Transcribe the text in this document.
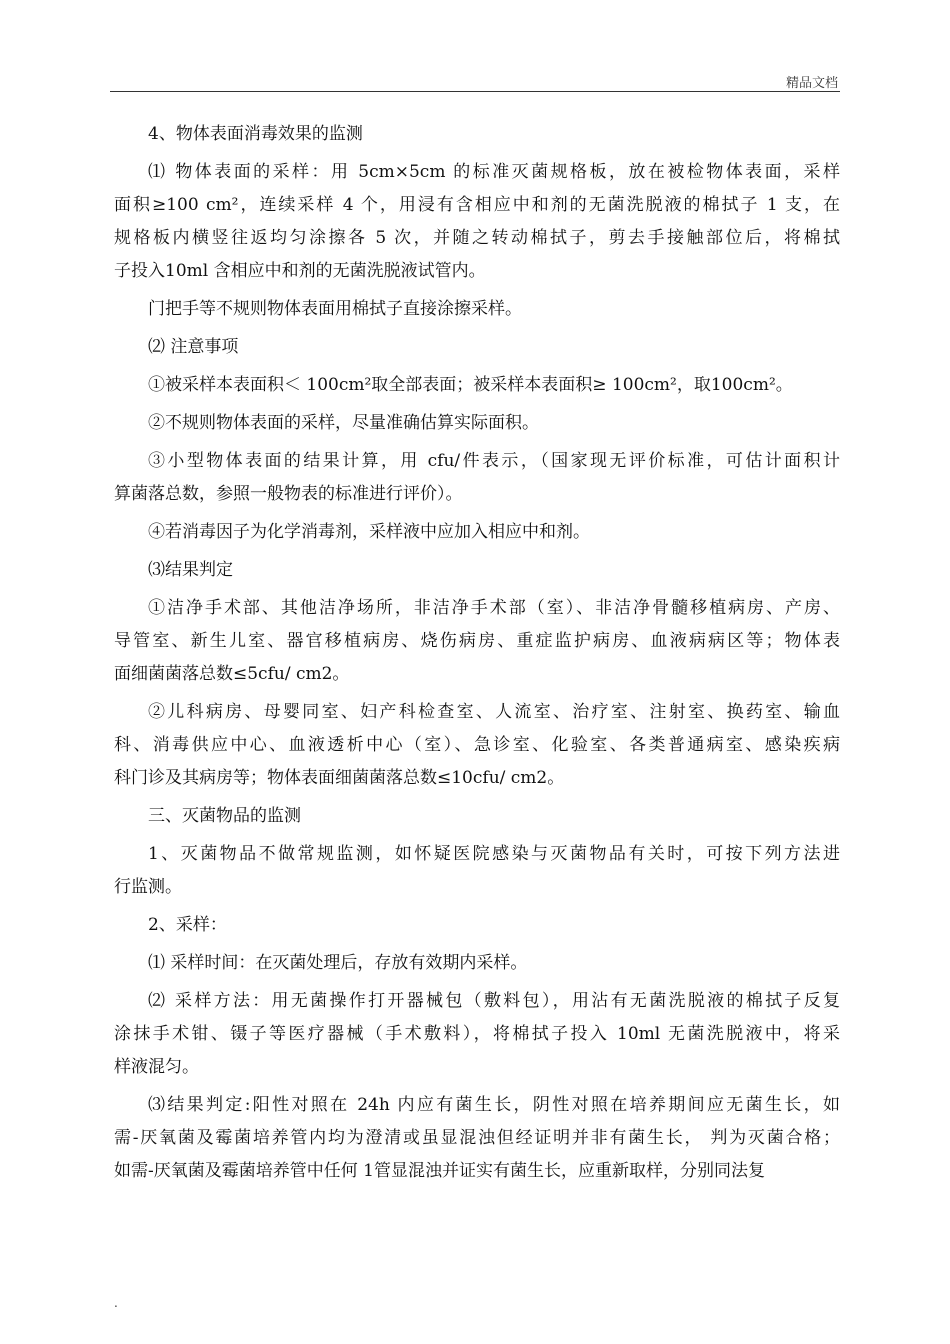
精品文档
4、物体表面消毒效果的监测
⑴ 物体表面的采样：用 5cm×5cm 的标准灭菌规格板，放在被检物体表面，采样
面积≥100 cm²，连续采样 4 个，用浸有含相应中和剂的无菌洗脱液的棉拭子 1 支，在
规格板内横竖往返均匀涂擦各 5 次，并随之转动棉拭子，剪去手接触部位后，将棉拭
子投入10ml 含相应中和剂的无菌洗脱液试管内。
门把手等不规则物体表面用棉拭子直接涂擦采样。
⑵ 注意事项
①被采样本表面积＜ 100cm²取全部表面；被采样本表面积≥ 100cm²，取100cm²。
②不规则物体表面的采样，尽量准确估算实际面积。
③小型物体表面的结果计算，用 cfu/件表示，（国家现无评价标准，可估计面积计
算菌落总数，参照一般物表的标准进行评价）。
④若消毒因子为化学消毒剂，采样液中应加入相应中和剂。
⑶结果判定
①洁净手术部、其他洁净场所，非洁净手术部（室）、非洁净骨髓移植病房、产房、
导管室、新生儿室、器官移植病房、烧伤病房、重症监护病房、血液病病区等；物体表
面细菌菌落总数≤5cfu/ cm2。
②儿科病房、母婴同室、妇产科检查室、人流室、治疗室、注射室、换药室、输血
科、消毒供应中心、血液透析中心（室）、急诊室、化验室、各类普通病室、感染疾病
科门诊及其病房等；物体表面细菌菌落总数≤10cfu/ cm2。
三、灭菌物品的监测
1、灭菌物品不做常规监测，如怀疑医院感染与灭菌物品有关时，可按下列方法进
行监测。
2、采样：
⑴ 采样时间：在灭菌处理后，存放有效期内采样。
⑵ 采样方法：用无菌操作打开器械包（敷料包），用沾有无菌洗脱液的棉拭子反复
涂抹手术钳、镊子等医疗器械（手术敷料），将棉拭子投入 10ml 无菌洗脱液中，将采
样液混匀。
⑶结果判定:阳性对照在 24h 内应有菌生长，阴性对照在培养期间应无菌生长，如
需-厌氧菌及霉菌培养管内均为澄清或虽显混浊但经证明并非有菌生长， 判为灭菌合格；
如需-厌氧菌及霉菌培养管中任何 1管显混浊并证实有菌生长，应重新取样，分别同法复
.
